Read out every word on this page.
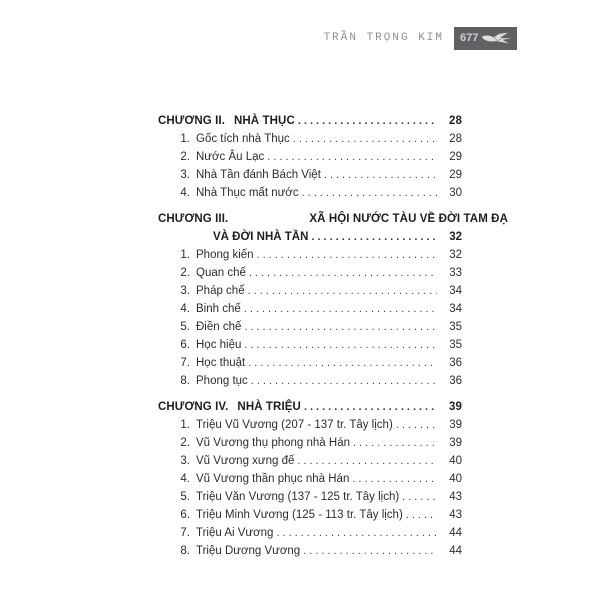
TRẦN TRỌNG KIM 677
CHƯƠNG II. NHÀ THỤC .....	28
1. Gốc tích nhà Thục .....	28
2. Nước Âu Lạc .....	29
3. Nhà Tần đánh Bách Việt .....	29
4. Nhà Thục mất nước .....	30
CHƯƠNG III.	XÃ HỘI NƯỚC TÀU VỀ ĐỜI TAM ĐẠ
VÀ ĐỜI NHÀ TẦN .....	32
1. Phong kiến .....	32
2. Quan chế .....	33
3. Pháp chế .....	34
4. Binh chế .....	34
5. Điền chế .....	35
6. Học hiệu .....	35
7. Học thuật .....	36
8. Phong tục .....	36
CHƯƠNG IV. NHÀ TRIỆU .....	39
1. Triệu Vũ Vương (207 - 137 tr. Tây lịch) .....	39
2. Vũ Vương thụ phong nhà Hán .....	39
3. Vũ Vương xưng đế .....	40
4. Vũ Vương thần phục nhà Hán .....	40
5. Triệu Văn Vương (137 - 125 tr. Tây lịch) .....	43
6. Triệu Minh Vương (125 - 113 tr. Tây lịch) .....	43
7. Triệu Ai Vương .....	44
8. Triệu Dương Vương .....	44
